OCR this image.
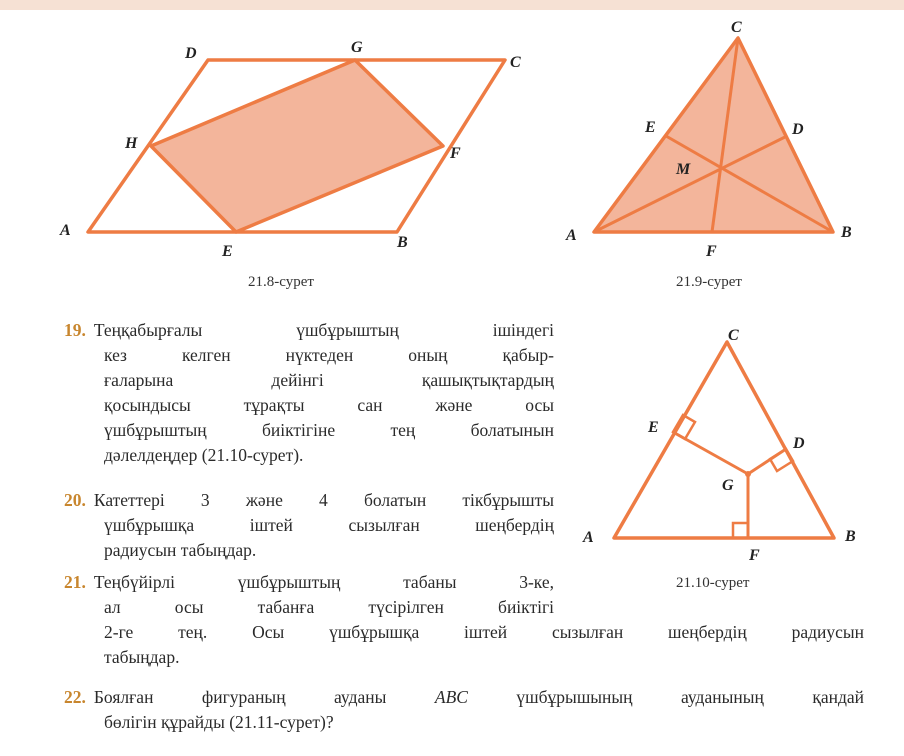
A
B
C
D
E
F
G
H
A	B
C
D
E
F
M
A	B
C
D
E
F
G
21.8-сурет	21.9-сурет
21.10-сурет
19. Теңқабырғалы үшбұрыштың ішіндегі
кез келген нүктеден оның қабыр-
ғаларына дейінгі қашықтықтардың
қосындысы тұрақты сан және осы
үшбұрыштың биіктігіне тең болатынын
дәлелдеңдер (21.10-сурет).
20. Катеттері 3 және 4 болатын тікбұрышты
үшбұрышқа іштей сызылған шеңбердің
радиусын табыңдар.
21. Теңбүйірлі үшбұрыштың табаны 3-ке,
ал осы табанға түсірілген биіктігі
2-ге тең. Осы үшбұрышқа іштей сызылған шеңбердің радиусын
табыңдар.
22. Боялған фигураның ауданы ABC үшбұрышының ауданының қандай
бөлігін құрайды (21.11-сурет)?
